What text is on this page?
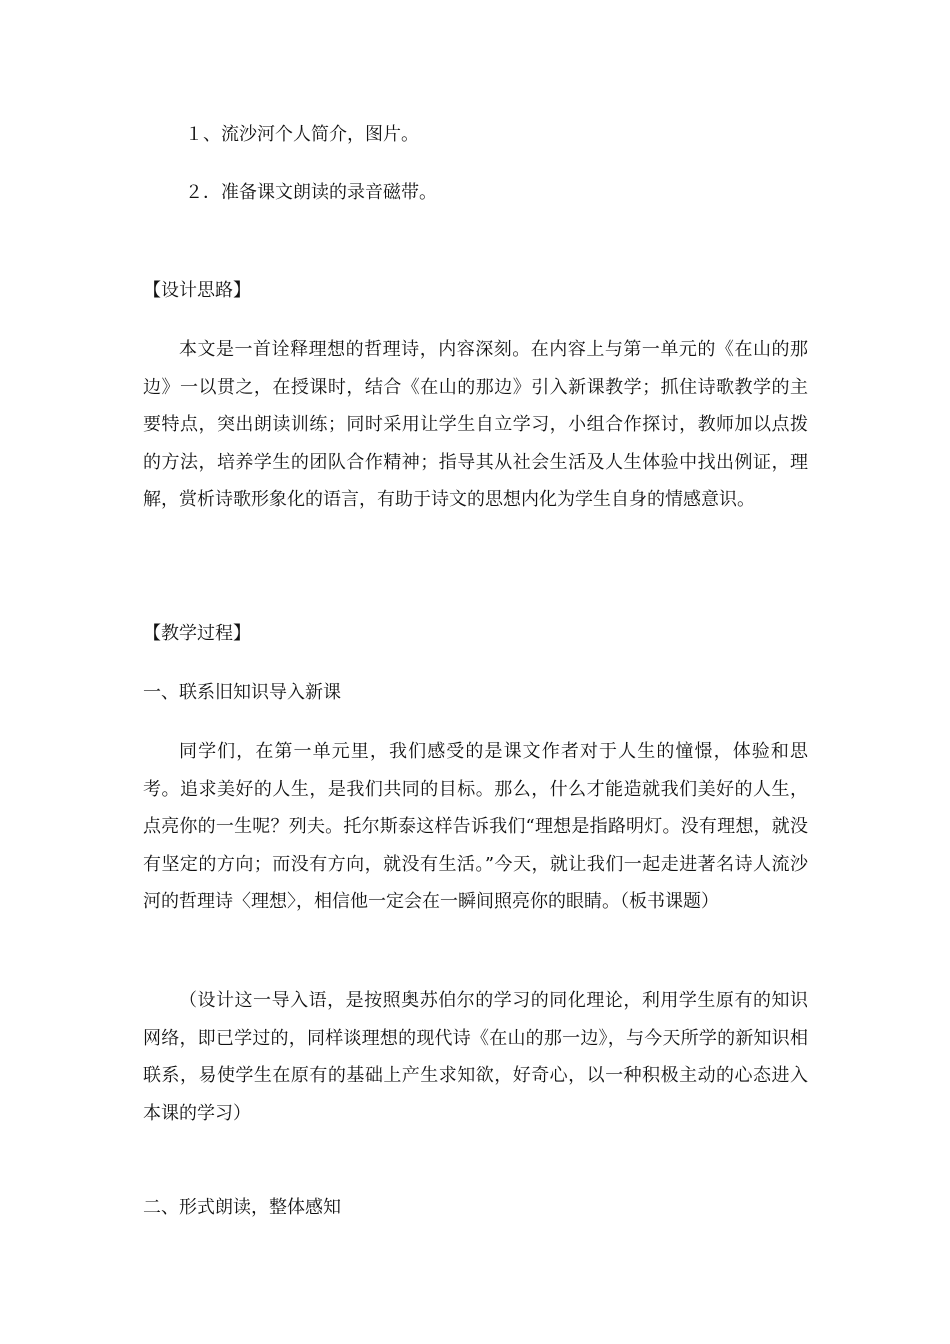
１、流沙河个人简介，图片。
２．准备课文朗读的录音磁带。
【设计思路】
本文是一首诠释理想的哲理诗，内容深刻。在内容上与第一单元的《在山的那边》一以贯之，在授课时，结合《在山的那边》引入新课教学；抓住诗歌教学的主要特点，突出朗读训练；同时采用让学生自立学习，小组合作探讨，教师加以点拨的方法，培养学生的团队合作精神；指导其从社会生活及人生体验中找出例证，理解，赏析诗歌形象化的语言，有助于诗文的思想内化为学生自身的情感意识。
【教学过程】
一、联系旧知识导入新课
同学们，在第一单元里，我们感受的是课文作者对于人生的憧憬，体验和思考。追求美好的人生，是我们共同的目标。那么，什么才能造就我们美好的人生，点亮你的一生呢？列夫。托尔斯泰这样告诉我们“理想是指路明灯。没有理想，就没有坚定的方向；而没有方向，就没有生活。”今天，就让我们一起走进著名诗人流沙河的哲理诗〈理想〉，相信他一定会在一瞬间照亮你的眼睛。（板书课题）
（设计这一导入语，是按照奥苏伯尔的学习的同化理论，利用学生原有的知识网络，即已学过的，同样谈理想的现代诗《在山的那一边》，与今天所学的新知识相联系，易使学生在原有的基础上产生求知欲，好奇心，以一种积极主动的心态进入本课的学习）
二、形式朗读，整体感知
